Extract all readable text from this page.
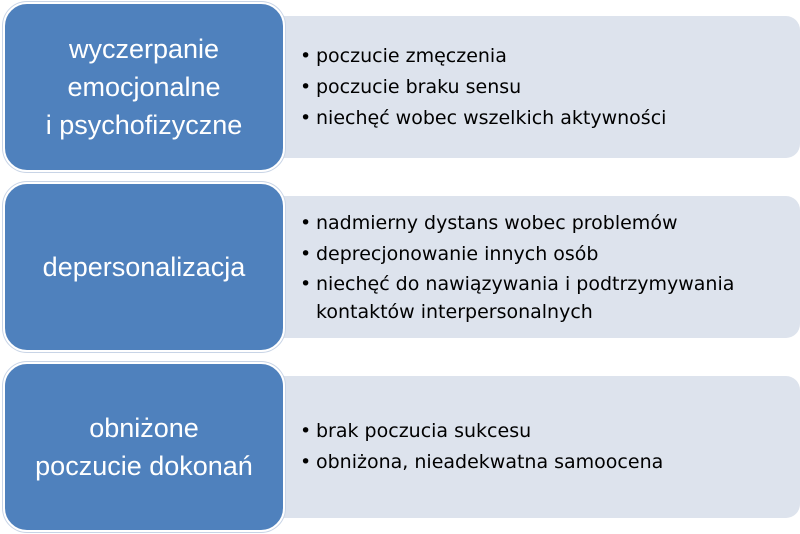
• poczucie zmęczenia
• poczucie braku sensu
• niechęć wobec wszelkich aktywności
wyczerpanie
emocjonalne
i psychofizyczne
• nadmierny dystans wobec problemów
• deprecjonowanie innych osób
• niechęć do nawiązywania i podtrzymywania kontaktów interpersonalnych
depersonalizacja
• brak poczucia sukcesu
• obniżona, nieadekwatna samoocena
obniżone
poczucie dokonań
